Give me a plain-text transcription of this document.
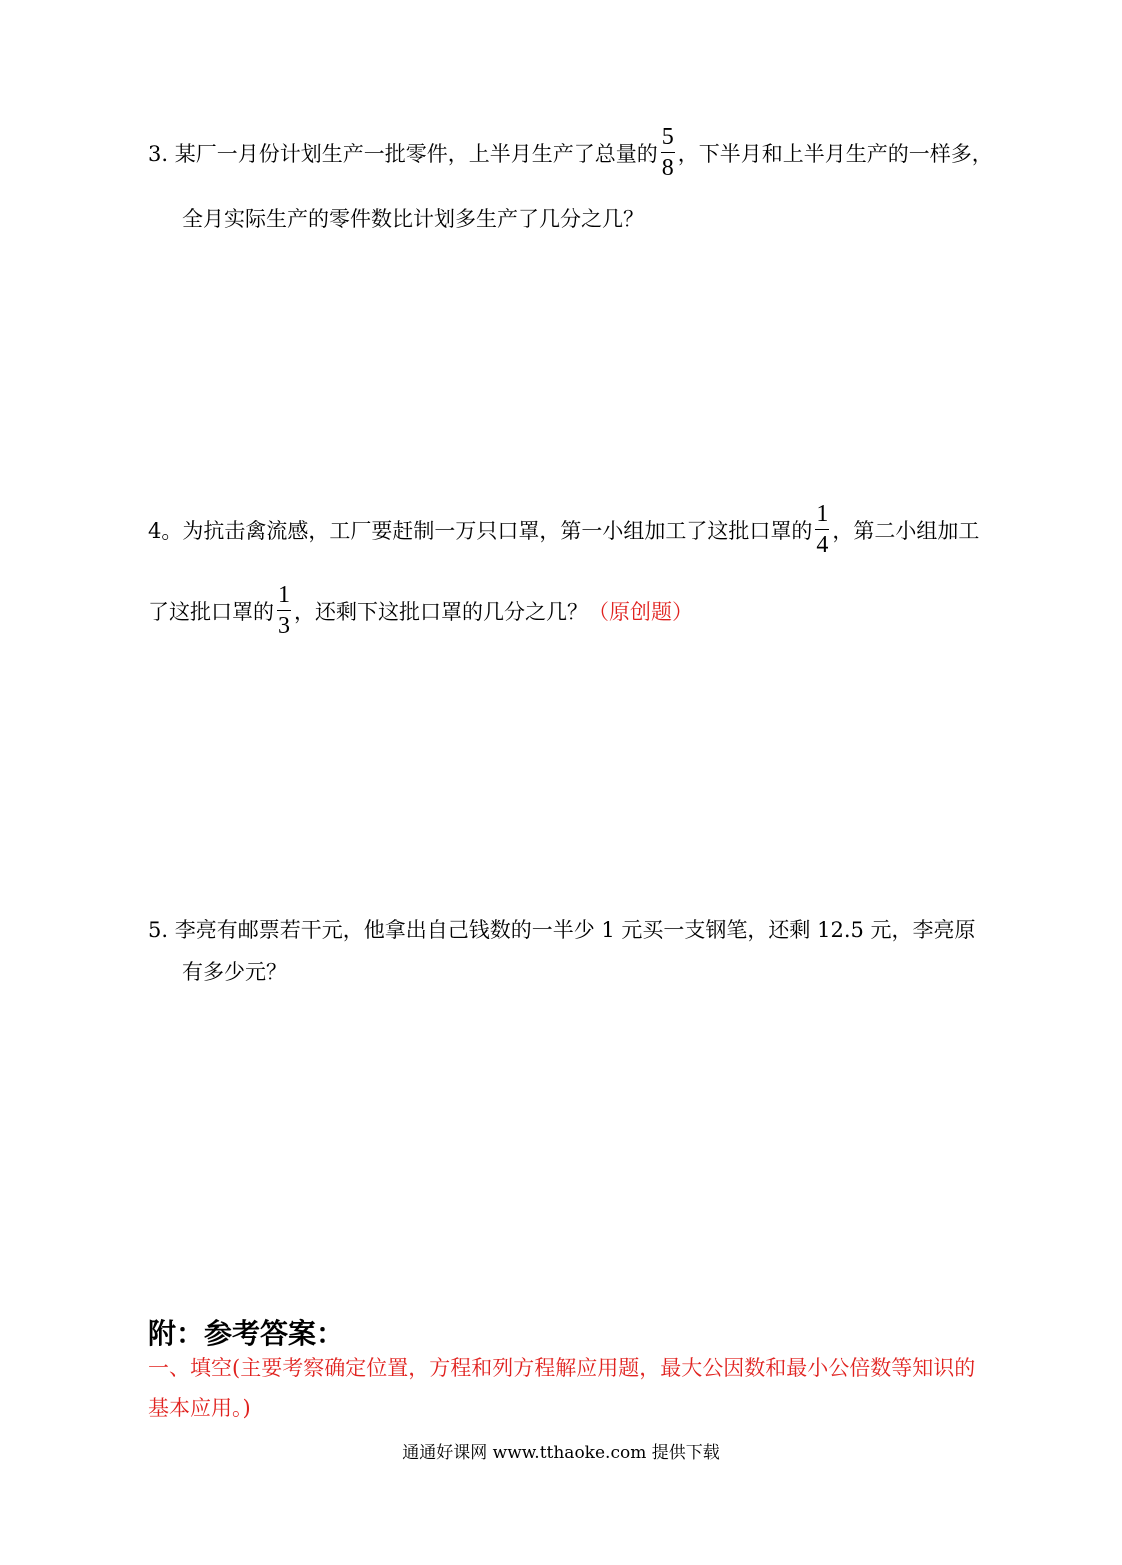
3. 某厂一月份计划生产一批零件，上半月生产了总量的 $\frac{5}{8}$ ，下半月和上半月生产的一样多，
全月实际生产的零件数比计划多生产了几分之几？
4。为抗击禽流感，工厂要赶制一万只口罩，第一小组加工了这批口罩的 $\frac{1}{4}$ ，第二小组加工
了这批口罩的 $\frac{1}{3}$ ，还剩下这批口罩的几分之几？ （原创题）
5. 李亮有邮票若干元，他拿出自己钱数的一半少 1 元买一支钢笔，还剩 12.5 元，李亮原
有多少元？
附：参考答案：
一、填空(主要考察确定位置，方程和列方程解应用题，最大公因数和最小公倍数等知识的
基本应用。)
通通好课网 www.tthaoke.com 提供下载
